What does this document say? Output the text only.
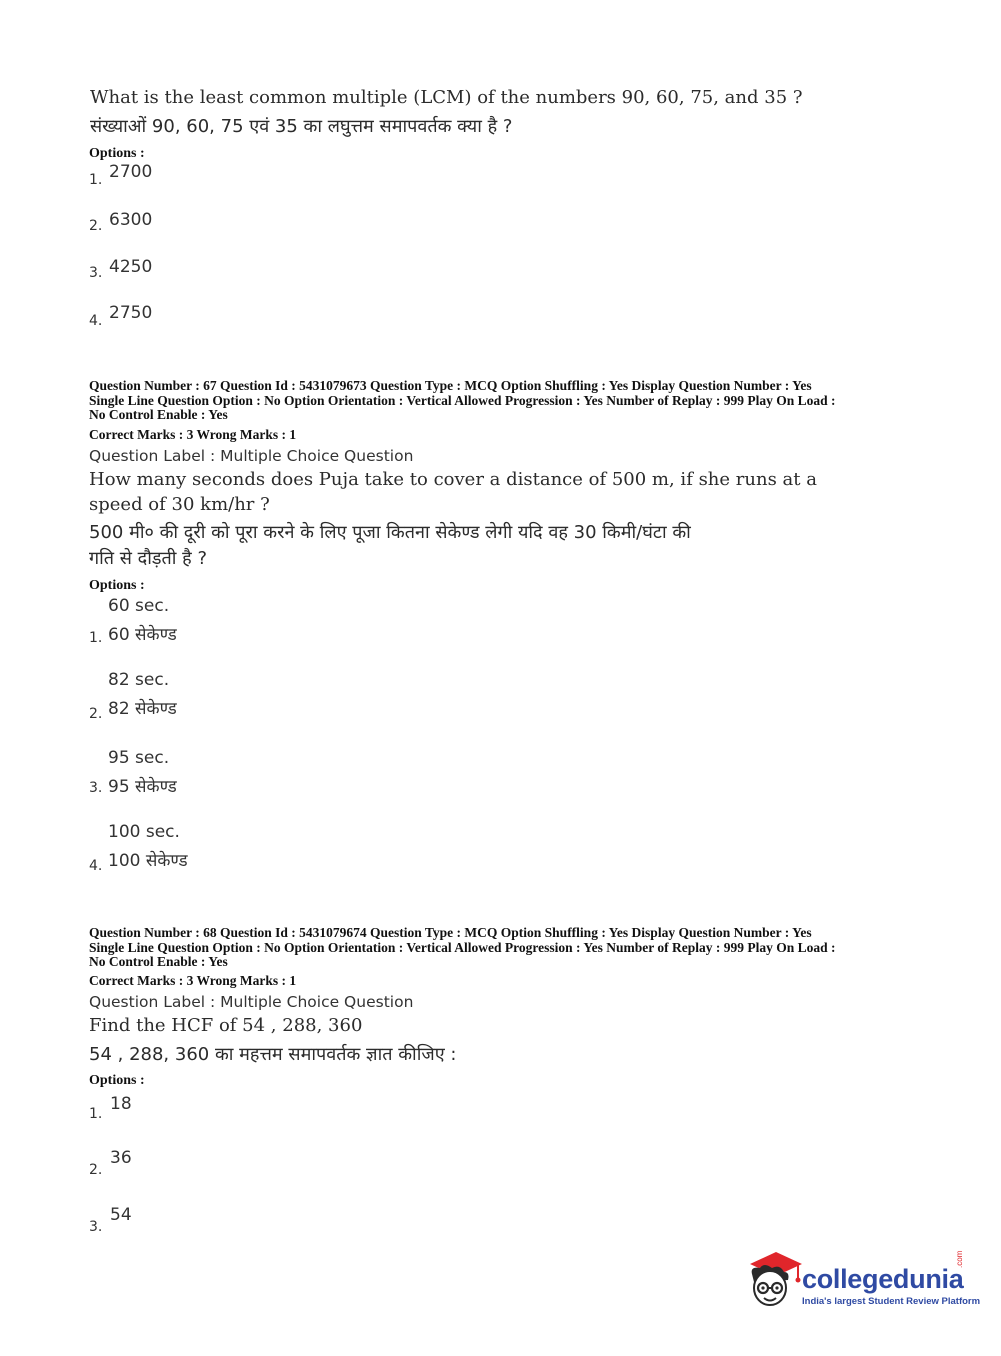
What is the least common multiple (LCM) of the numbers 90, 60, 75, and 35 ?
संख्याओं 90, 60, 75 एवं 35 का लघुत्तम समापवर्तक क्या है ?
Options :
1. 2700
2. 6300
3. 4250
4. 2750
Question Number : 67 Question Id : 5431079673 Question Type : MCQ Option Shuffling : Yes Display Question Number : Yes
Single Line Question Option : No Option Orientation : Vertical Allowed Progression : Yes Number of Replay : 999 Play On Load :
No Control Enable : Yes
Correct Marks : 3 Wrong Marks : 1
Question Label : Multiple Choice Question
How many seconds does Puja take to cover a distance of 500 m, if she runs at a
speed of 30 km/hr ?
500 मी० की दूरी को पूरा करने के लिए पूजा कितना सेकेण्ड लेगी यदि वह 30 किमी/घंटा की
गति से दौड़ती है ?
Options :
60 sec.
1. 60 सेकेण्ड
82 sec.
2. 82 सेकेण्ड
95 sec.
3. 95 सेकेण्ड
100 sec.
4. 100 सेकेण्ड
Question Number : 68 Question Id : 5431079674 Question Type : MCQ Option Shuffling : Yes Display Question Number : Yes
Single Line Question Option : No Option Orientation : Vertical Allowed Progression : Yes Number of Replay : 999 Play On Load :
No Control Enable : Yes
Correct Marks : 3 Wrong Marks : 1
Question Label : Multiple Choice Question
Find the HCF of 54 , 288, 360
54 , 288, 360 का महत्तम समापवर्तक ज्ञात कीजिए :
Options :
1. 18
2.
36
3.
54
collegedunia
.com
India's largest Student Review Platform
